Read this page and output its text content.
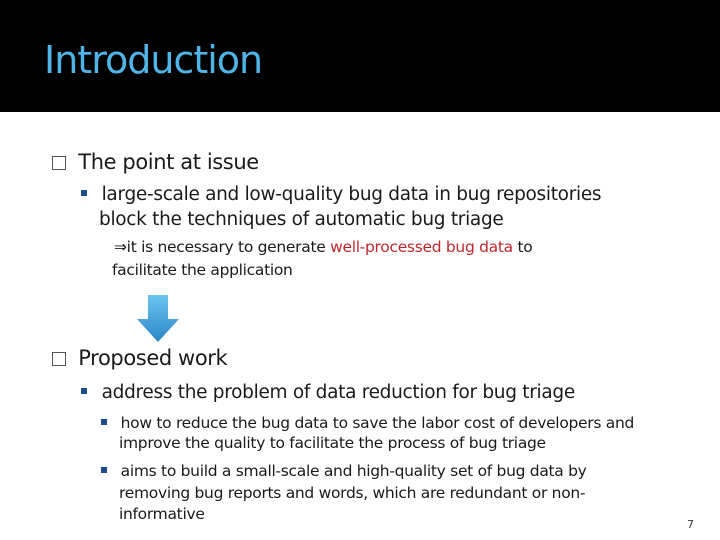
Introduction
The point at issue
large-scale and low-quality bug data in bug repositories
block the techniques of automatic bug triage
⇒it is necessary to generate well-processed bug data to
facilitate the application
Proposed work
address the problem of data reduction for bug triage
how to reduce the bug data to save the labor cost of developers and
improve the quality to facilitate the process of bug triage
aims to build a small-scale and high-quality set of bug data by
removing bug reports and words, which are redundant or non-
informative
7
